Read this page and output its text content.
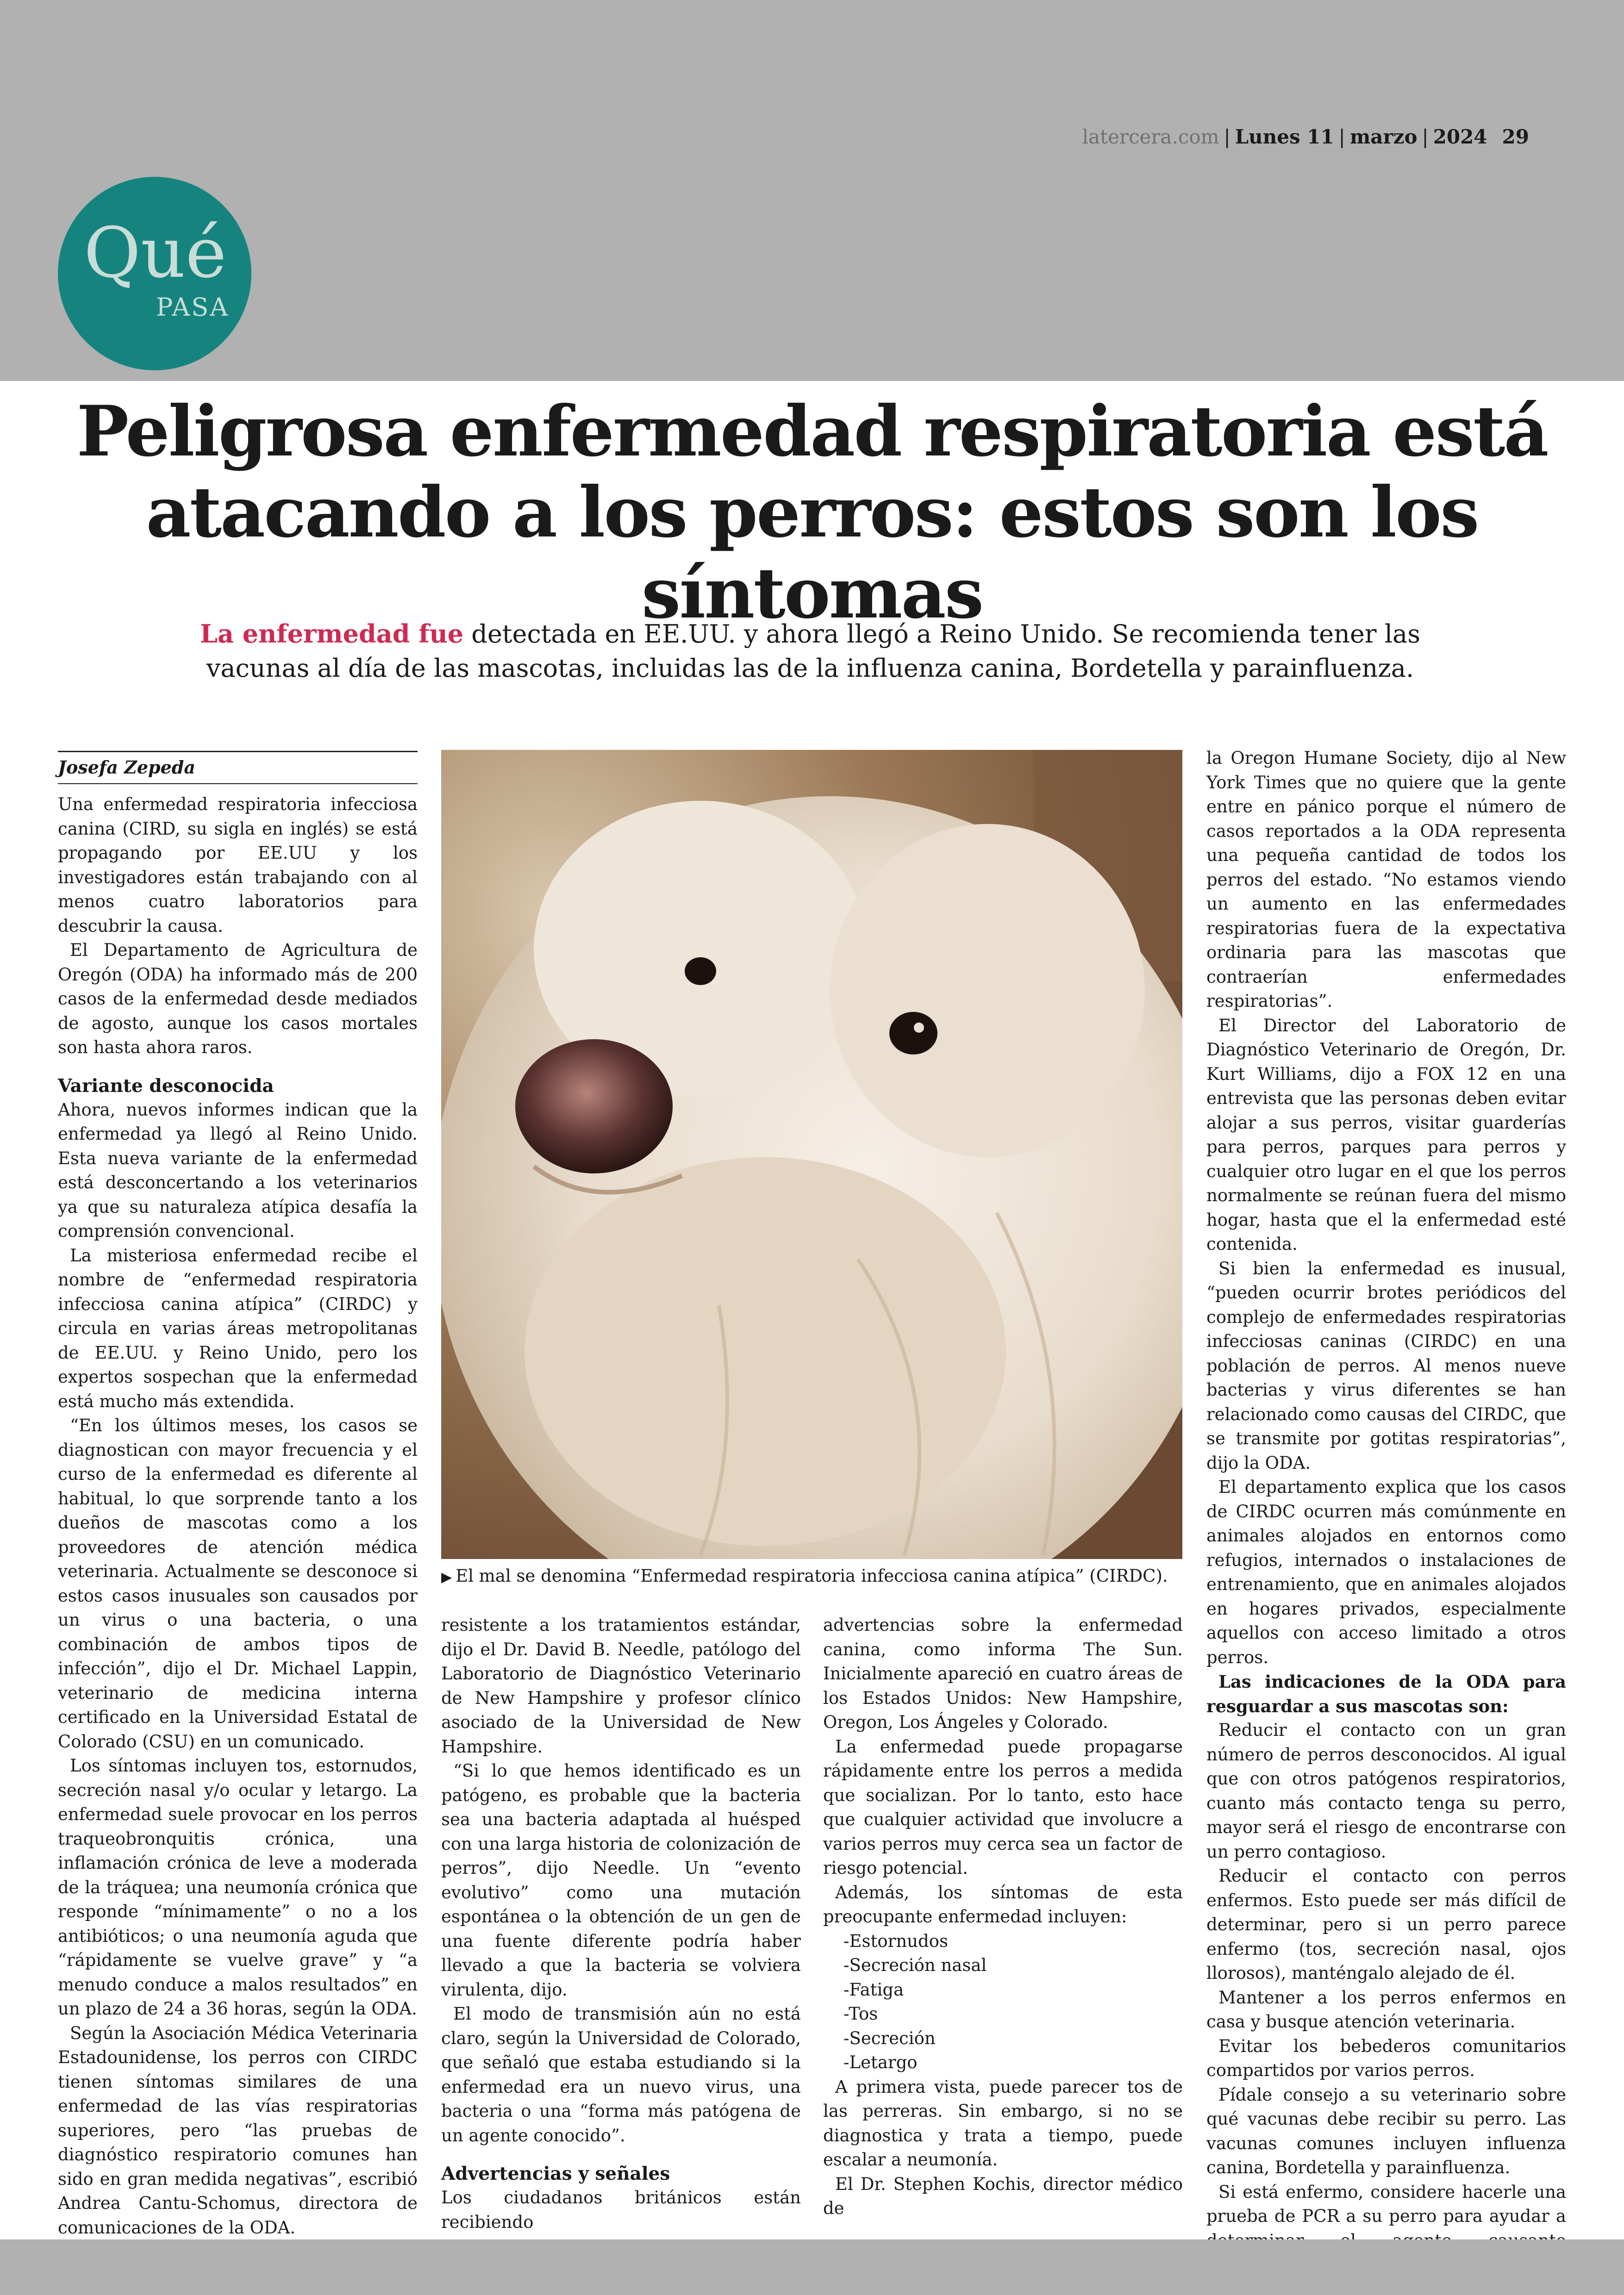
latercera.com | Lunes 11 | marzo | 2024 29
Qué
PASA
Peligrosa enfermedad respiratoria está atacando a los perros: estos son los síntomas
La enfermedad fue detectada en EE.UU. y ahora llegó a Reino Unido. Se recomienda tener las vacunas al día de las mascotas, incluidas las de la influenza canina, Bordetella y parainfluenza.
Josefa Zepeda

Una enfermedad respiratoria infecciosa canina (CIRD, su sigla en inglés) se está propagando por EE.UU y los investigadores están trabajando con al menos cuatro laboratorios para descubrir la causa.

El Departamento de Agricultura de Oregón (ODA) ha informado más de 200 casos de la enfermedad desde mediados de agosto, aunque los casos mortales son hasta ahora raros.

Variante desconocida

Ahora, nuevos informes indican que la enfermedad ya llegó al Reino Unido. Esta nueva variante de la enfermedad está desconcertando a los veterinarios ya que su naturaleza atípica desafía la comprensión convencional.

La misteriosa enfermedad recibe el nombre de “enfermedad respiratoria infecciosa canina atípica” (CIRDC) y circula en varias áreas metropolitanas de EE.UU. y Reino Unido, pero los expertos sospechan que la enfermedad está mucho más extendida.

“En los últimos meses, los casos se diagnostican con mayor frecuencia y el curso de la enfermedad es diferente al habitual, lo que sorprende tanto a los dueños de mascotas como a los proveedores de atención médica veterinaria. Actualmente se desconoce si estos casos inusuales son causados por un virus o una bacteria, o una combinación de ambos tipos de infección”, dijo el Dr. Michael Lappin, veterinario de medicina interna certificado en la Universidad Estatal de Colorado (CSU) en un comunicado.

Los síntomas incluyen tos, estornudos, secreción nasal y/o ocular y letargo. La enfermedad suele provocar en los perros traqueobronquitis crónica, una inflamación crónica de leve a moderada de la tráquea; una neumonía crónica que responde “mínimamente” o no a los antibióticos; o una neumonía aguda que “rápidamente se vuelve grave” y “a menudo conduce a malos resultados” en un plazo de 24 a 36 horas, según la ODA.

Según la Asociación Médica Veterinaria Estadounidense, los perros con CIRDC tienen síntomas similares de una enfermedad de las vías respiratorias superiores, pero “las pruebas de diagnóstico respiratorio comunes han sido en gran medida negativas”, escribió Andrea Cantu-Schomus, directora de comunicaciones de la ODA.

▶ El mal se denomina “Enfermedad respiratoria infecciosa canina atípica” (CIRDC).

resistente a los tratamientos estándar, dijo el Dr. David B. Needle, patólogo del Laboratorio de Diagnóstico Veterinario de New Hampshire y profesor clínico asociado de la Universidad de New Hampshire.

“Si lo que hemos identificado es un patógeno, es probable que la bacteria sea una bacteria adaptada al huésped con una larga historia de colonización de perros”, dijo Needle. Un “evento evolutivo” como una mutación espontánea o la obtención de un gen de una fuente diferente podría haber llevado a que la bacteria se volviera virulenta, dijo.

El modo de transmisión aún no está claro, según la Universidad de Colorado, que señaló que estaba estudiando si la enfermedad era un nuevo virus, una bacteria o una “forma más patógena de un agente conocido”.

Advertencias y señales

Los ciudadanos británicos están recibiendo

advertencias sobre la enfermedad canina, como informa The Sun. Inicialmente apareció en cuatro áreas de los Estados Unidos: New Hampshire, Oregon, Los Ángeles y Colorado.

La enfermedad puede propagarse rápidamente entre los perros a medida que socializan. Por lo tanto, esto hace que cualquier actividad que involucre a varios perros muy cerca sea un factor de riesgo potencial.

Además, los síntomas de esta preocupante enfermedad incluyen:

-Estornudos

-Secreción nasal

-Fatiga

-Tos

-Secreción

-Letargo

A primera vista, puede parecer tos de las perreras. Sin embargo, si no se diagnostica y trata a tiempo, puede escalar a neumonía.

El Dr. Stephen Kochis, director médico de

la Oregon Humane Society, dijo al New York Times que no quiere que la gente entre en pánico porque el número de casos reportados a la ODA representa una pequeña cantidad de todos los perros del estado. “No estamos viendo un aumento en las enfermedades respiratorias fuera de la expectativa ordinaria para las mascotas que contraerían enfermedades respiratorias”.

El Director del Laboratorio de Diagnóstico Veterinario de Oregón, Dr. Kurt Williams, dijo a FOX 12 en una entrevista que las personas deben evitar alojar a sus perros, visitar guarderías para perros, parques para perros y cualquier otro lugar en el que los perros normalmente se reúnan fuera del mismo hogar, hasta que el la enfermedad esté contenida.

Si bien la enfermedad es inusual, “pueden ocurrir brotes periódicos del complejo de enfermedades respiratorias infecciosas caninas (CIRDC) en una población de perros. Al menos nueve bacterias y virus diferentes se han relacionado como causas del CIRDC, que se transmite por gotitas respiratorias”, dijo la ODA.

El departamento explica que los casos de CIRDC ocurren más comúnmente en animales alojados en entornos como refugios, internados o instalaciones de entrenamiento, que en animales alojados en hogares privados, especialmente aquellos con acceso limitado a otros perros.

Las indicaciones de la ODA para resguardar a sus mascotas son:

Reducir el contacto con un gran número de perros desconocidos. Al igual que con otros patógenos respiratorios, cuanto más contacto tenga su perro, mayor será el riesgo de encontrarse con un perro contagioso.

Reducir el contacto con perros enfermos. Esto puede ser más difícil de determinar, pero si un perro parece enfermo (tos, secreción nasal, ojos llorosos), manténgalo alejado de él.

Mantener a los perros enfermos en casa y busque atención veterinaria.

Evitar los bebederos comunitarios compartidos por varios perros.

Pídale consejo a su veterinario sobre qué vacunas debe recibir su perro. Las vacunas comunes incluyen influenza canina, Bordetella y parainfluenza.

Si está enfermo, considere hacerle una prueba de PCR a su perro para ayudar a
